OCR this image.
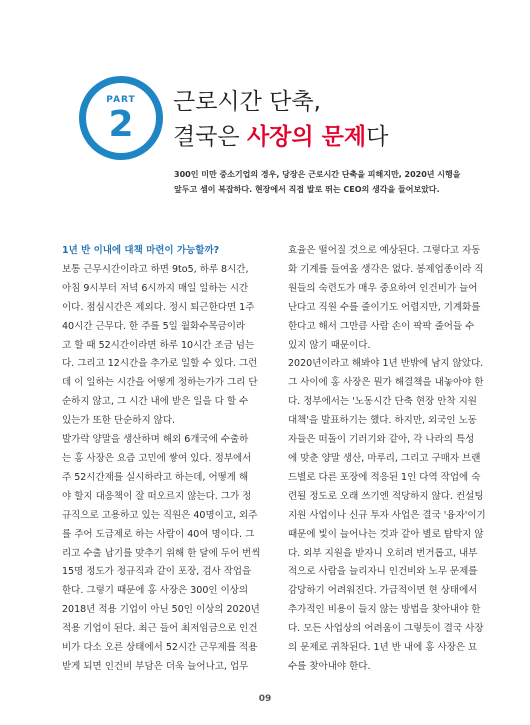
PART
2
근로시간 단축,
결국은 사장의 문제다
300인 미만 중소기업의 경우, 당장은 근로시간 단축을 피해지만, 2020년 시행을
앞두고 셈이 복잡하다. 현장에서 직접 발로 뛰는 CEO의 생각을 들어보았다.

1년 반 이내에 대책 마련이 가능할까?

보통 근무시간이라고 하면 9to5, 하루 8시간,

아침 9시부터 저녁 6시까지 매일 일하는 시간

이다. 점심시간은 제외다. 정시 퇴근한다면 1주

40시간 근무다. 한 주를 5일 월화수목금이라

고 할 때 52시간이라면 하루 10시간 조금 넘는

다. 그리고 12시간을 추가로 일할 수 있다. 그런

데 이 일하는 시간을 어떻게 정하는가가 그리 단

순하지 않고, 그 시간 내에 받은 일을 다 할 수

있는가 또한 단순하지 않다.

발가락 양말을 생산하며 해외 6개국에 수출하

는 홍 사장은 요즘 고민에 쌓여 있다. 정부에서

주 52시간제를 실시하라고 하는데, 어떻게 해

야 할지 대응책이 잘 떠오르지 않는다. 그가 정

규직으로 고용하고 있는 직원은 40명이고, 외주

를 주어 도급제로 하는 사람이 40여 명이다. 그

리고 수출 납기를 맞추기 위해 한 달에 두어 번씩

15명 정도가 정규직과 같이 포장, 검사 작업을

한다. 그렇기 때문에 홍 사장은 300인 이상의

2018년 적용 기업이 아닌 50인 이상의 2020년

적용 기업이 된다. 최근 들어 최저임금으로 인건

비가 다소 오른 상태에서 52시간 근무제를 적용

받게 되면 인건비 부담은 더욱 늘어나고, 업무

효율은 떨어질 것으로 예상된다. 그렇다고 자동

화 기계를 들여올 생각은 없다. 봉제업종이라 직

원들의 숙련도가 매우 중요하여 인건비가 늘어

난다고 직원 수를 줄이기도 어렵지만, 기계화를

한다고 해서 그만큼 사람 손이 팍팍 줄어들 수

있지 않기 때문이다.

2020년이라고 해봐야 1년 반밖에 남지 않았다.

그 사이에 홍 사장은 뭔가 해결책을 내놓아야 한

다. 정부에서는 '노동시간 단축 현장 안착 지원

대책'을 발표하기는 했다. 하지만, 외국인 노동

자들은 떠돌이 기러기와 같아, 각 나라의 특성

에 맞춘 양말 생산, 마루리, 그리고 구매자 브랜

드별로 다른 포장에 적응된 1인 다역 작업에 숙

련될 정도로 오래 쓰기엔 적당하지 않다. 컨설팅

지원 사업이나 신규 투자 사업은 결국 '융자'이기

때문에 빛이 늘어나는 것과 같아 별로 탐탁지 않

다. 외부 지원을 받자니 오히려 번거롭고, 내부

적으로 사람을 늘리자니 인건비와 노무 문제를

감당하기 어려워진다. 가급적이면 현 상태에서

추가적인 비용이 들지 않는 방법을 찾아내야 한

다. 모든 사업상의 어려움이 그렇듯이 결국 사장

의 문제로 귀착된다. 1년 반 내에 홍 사장은 묘

수를 찾아내야 한다.

09
